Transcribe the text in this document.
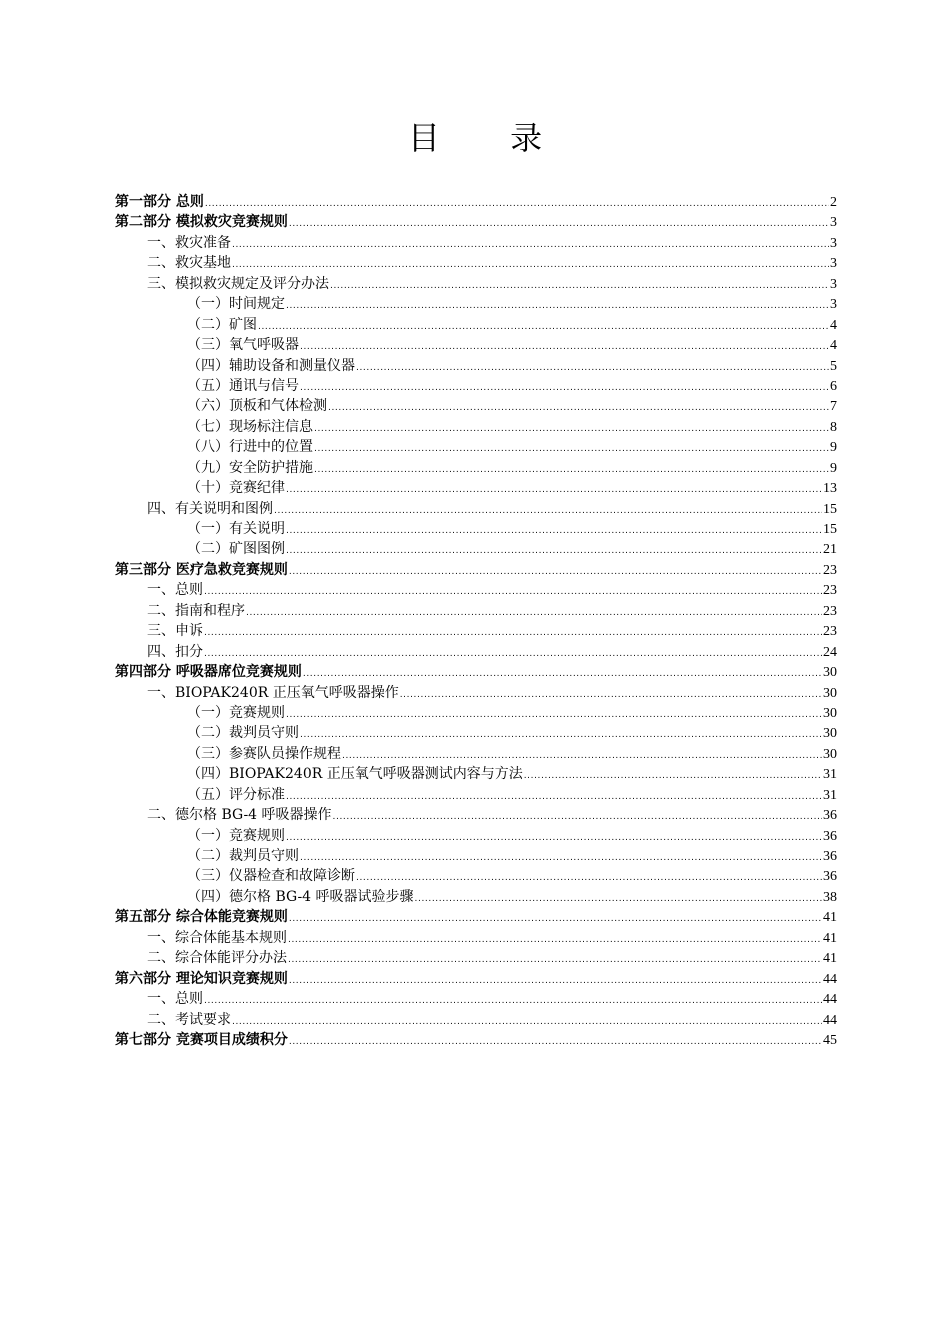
目 录
第一部分 总则 .....	2
第二部分 模拟救灾竞赛规则 .....	3
一、救灾准备 .....	3
二、救灾基地 .....	3
三、模拟救灾规定及评分办法 .....	3
（一）时间规定 .....	3
（二）矿图 .....	4
（三）氧气呼吸器 .....	4
（四）辅助设备和测量仪器 .....	5
（五）通讯与信号 .....	6
（六）顶板和气体检测 .....	7
（七）现场标注信息 .....	8
（八）行进中的位置 .....	9
（九）安全防护措施 .....	9
（十）竞赛纪律 .....	13
四、有关说明和图例 .....	15
（一）有关说明 .....	15
（二）矿图图例 .....	21
第三部分 医疗急救竞赛规则 .....	23
一、总则 .....	23
二、指南和程序 .....	23
三、申诉 .....	23
四、扣分 .....	24
第四部分 呼吸器席位竞赛规则 .....	30
一、BIOPAK240R 正压氧气呼吸器操作 .....	30
（一）竞赛规则 .....	30
（二）裁判员守则 .....	30
（三）参赛队员操作规程 .....	30
（四）BIOPAK240R 正压氧气呼吸器测试内容与方法 .....	31
（五）评分标准 .....	31
二、德尔格 BG-4 呼吸器操作 .....	36
（一）竞赛规则 .....	36
（二）裁判员守则 .....	36
（三）仪器检查和故障诊断 .....	36
（四）德尔格 BG-4 呼吸器试验步骤 .....	38
第五部分 综合体能竞赛规则 .....	41
一、综合体能基本规则 .....	41
二、综合体能评分办法 .....	41
第六部分 理论知识竞赛规则 .....	44
一、总则 .....	44
二、考试要求 .....	44
第七部分 竞赛项目成绩积分 .....	45
